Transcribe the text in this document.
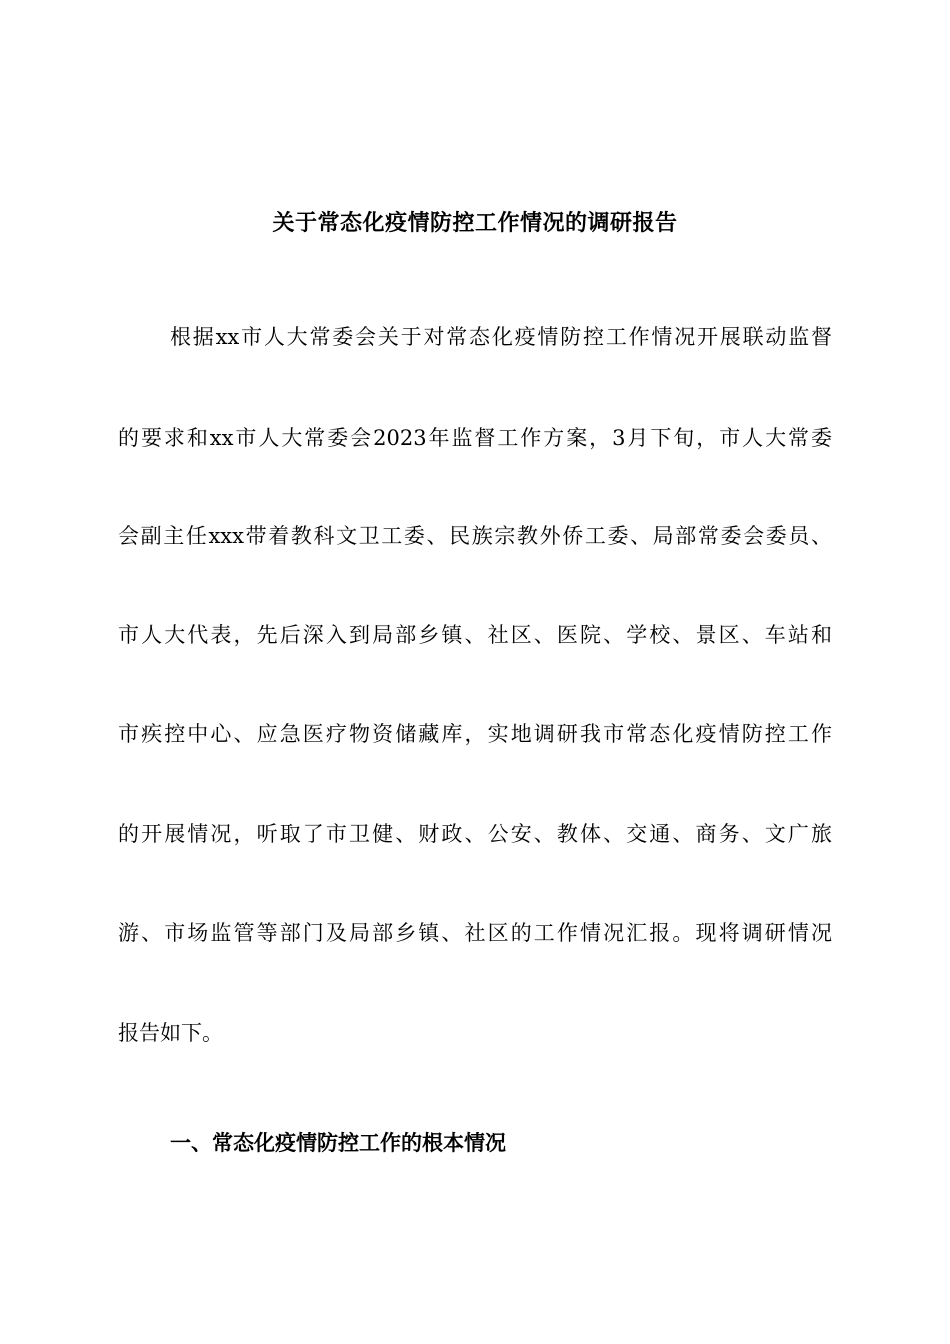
关于常态化疫情防控工作情况的调研报告

根据xx市人大常委会关于对常态化疫情防控工作情况开展联动监督

的要求和xx市人大常委会2023年监督工作方案，3月下旬，市人大常委

会副主任xxx带着教科文卫工委、民族宗教外侨工委、局部常委会委员、

市人大代表，先后深入到局部乡镇、社区、医院、学校、景区、车站和

市疾控中心、应急医疗物资储藏库，实地调研我市常态化疫情防控工作

的开展情况，听取了市卫健、财政、公安、教体、交通、商务、文广旅

游、市场监管等部门及局部乡镇、社区的工作情况汇报。现将调研情况

报告如下。

一、常态化疫情防控工作的根本情况
